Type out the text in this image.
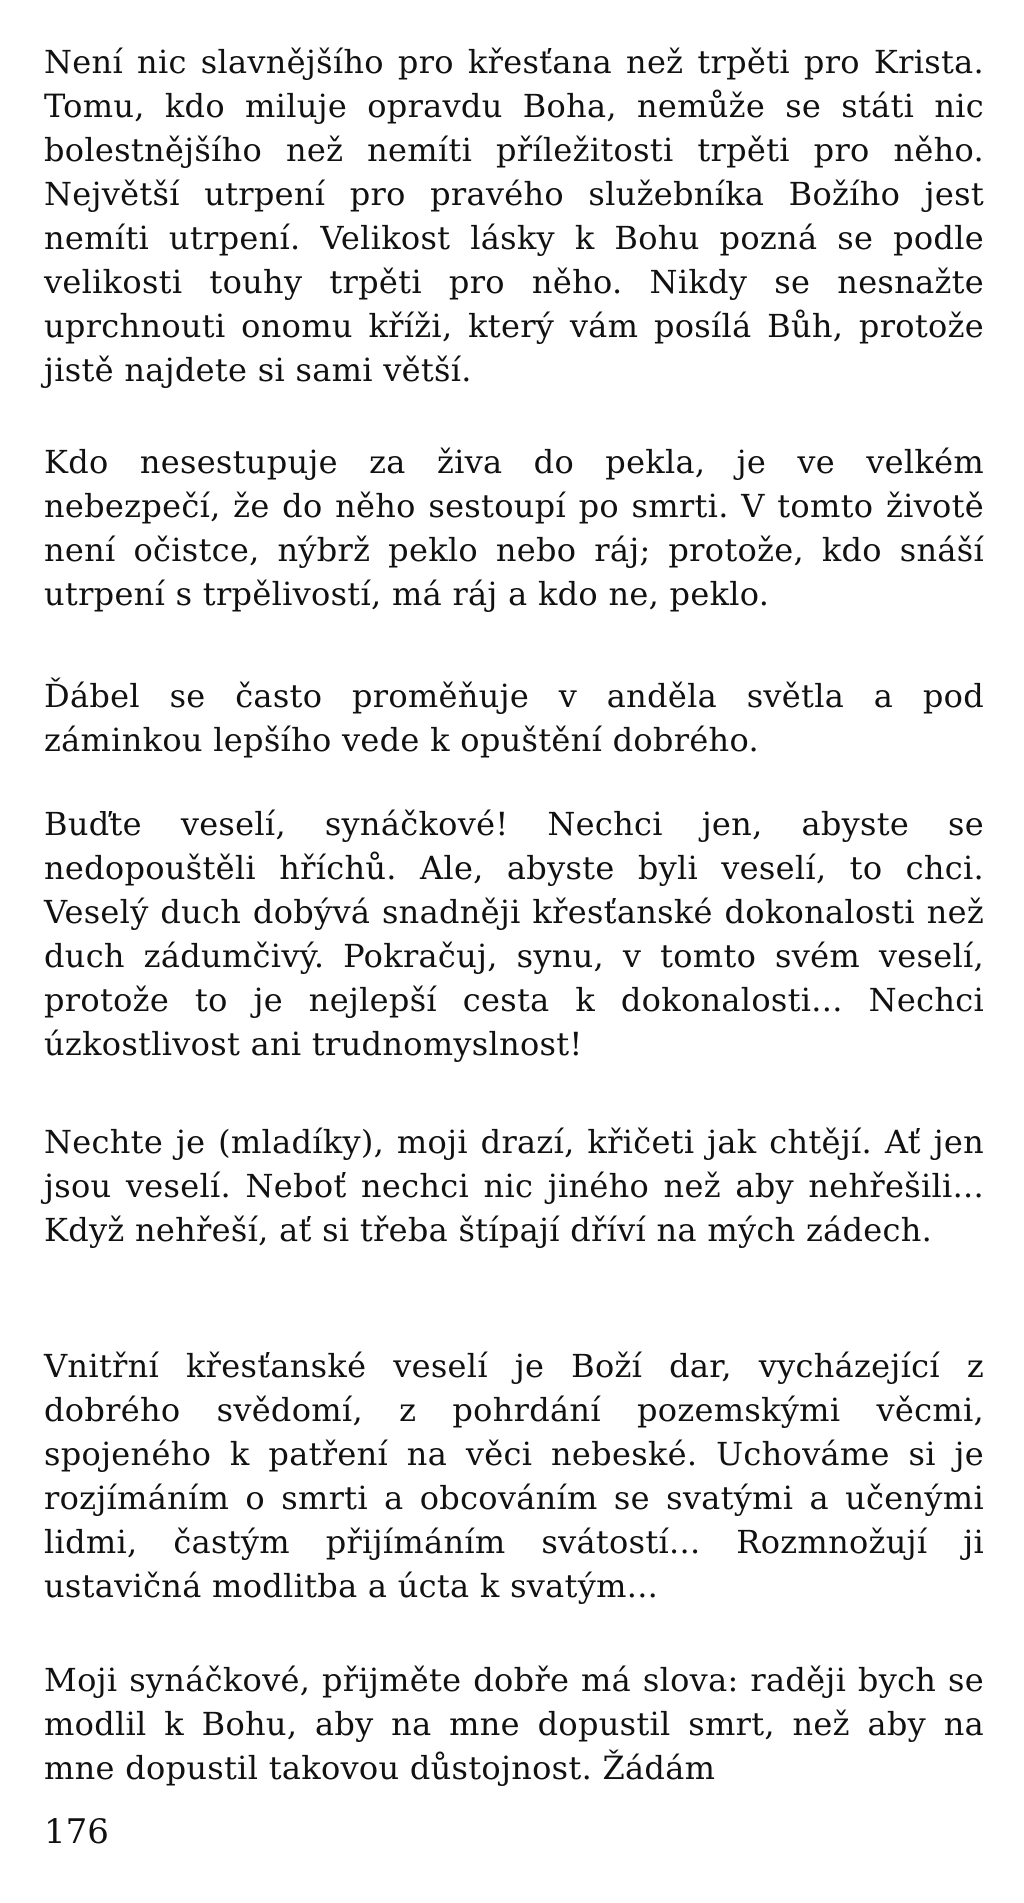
Není nic slavnějšího pro křesťana než trpěti pro Krista. Tomu, kdo miluje opravdu Boha, nemůže se státi nic bolestnějšího než nemíti příležitosti trpěti pro něho. Největší utrpení pro pravého služebníka Božího jest nemíti utrpení. Velikost lásky k Bohu pozná se podle velikosti touhy trpěti pro něho. Nikdy se nesnažte uprchnouti onomu kříži, který vám posílá Bůh, protože jistě najdete si sami větší.

Kdo nesestupuje za živa do pekla, je ve velkém nebezpečí, že do něho sestoupí po smrti. V tomto životě není očistce, nýbrž peklo nebo ráj; protože, kdo snáší utrpení s trpělivostí, má ráj a kdo ne, peklo.

Ďábel se často proměňuje v anděla světla a pod záminkou lepšího vede k opuštění dobrého.

Buďte veselí, synáčkové! Nechci jen, abyste se nedopouštěli hříchů. Ale, abyste byli veselí, to chci. Veselý duch dobývá snadněji křesťanské dokonalosti než duch zádumčivý. Pokračuj, synu, v tomto svém veselí, protože to je nejlepší cesta k dokonalosti... Nechci úzkostlivost ani trudnomyslnost!

Nechte je (mladíky), moji drazí, křičeti jak chtějí. Ať jen jsou veselí. Neboť nechci nic jiného než aby nehřešili... Když nehřeší, ať si třeba štípají dříví na mých zádech.

Vnitřní křesťanské veselí je Boží dar, vycházející z dobrého svědomí, z pohrdání pozemskými věcmi, spojeného k patření na věci nebeské. Uchováme si je rozjímáním o smrti a obcováním se svatými a učenými lidmi, častým přijímáním svátostí... Rozmnožují ji ustavičná modlitba a úcta k svatým...

Moji synáčkové, přijměte dobře má slova: raději bych se modlil k Bohu, aby na mne dopustil smrt, než aby na mne dopustil takovou důstojnost. Žádám

176
